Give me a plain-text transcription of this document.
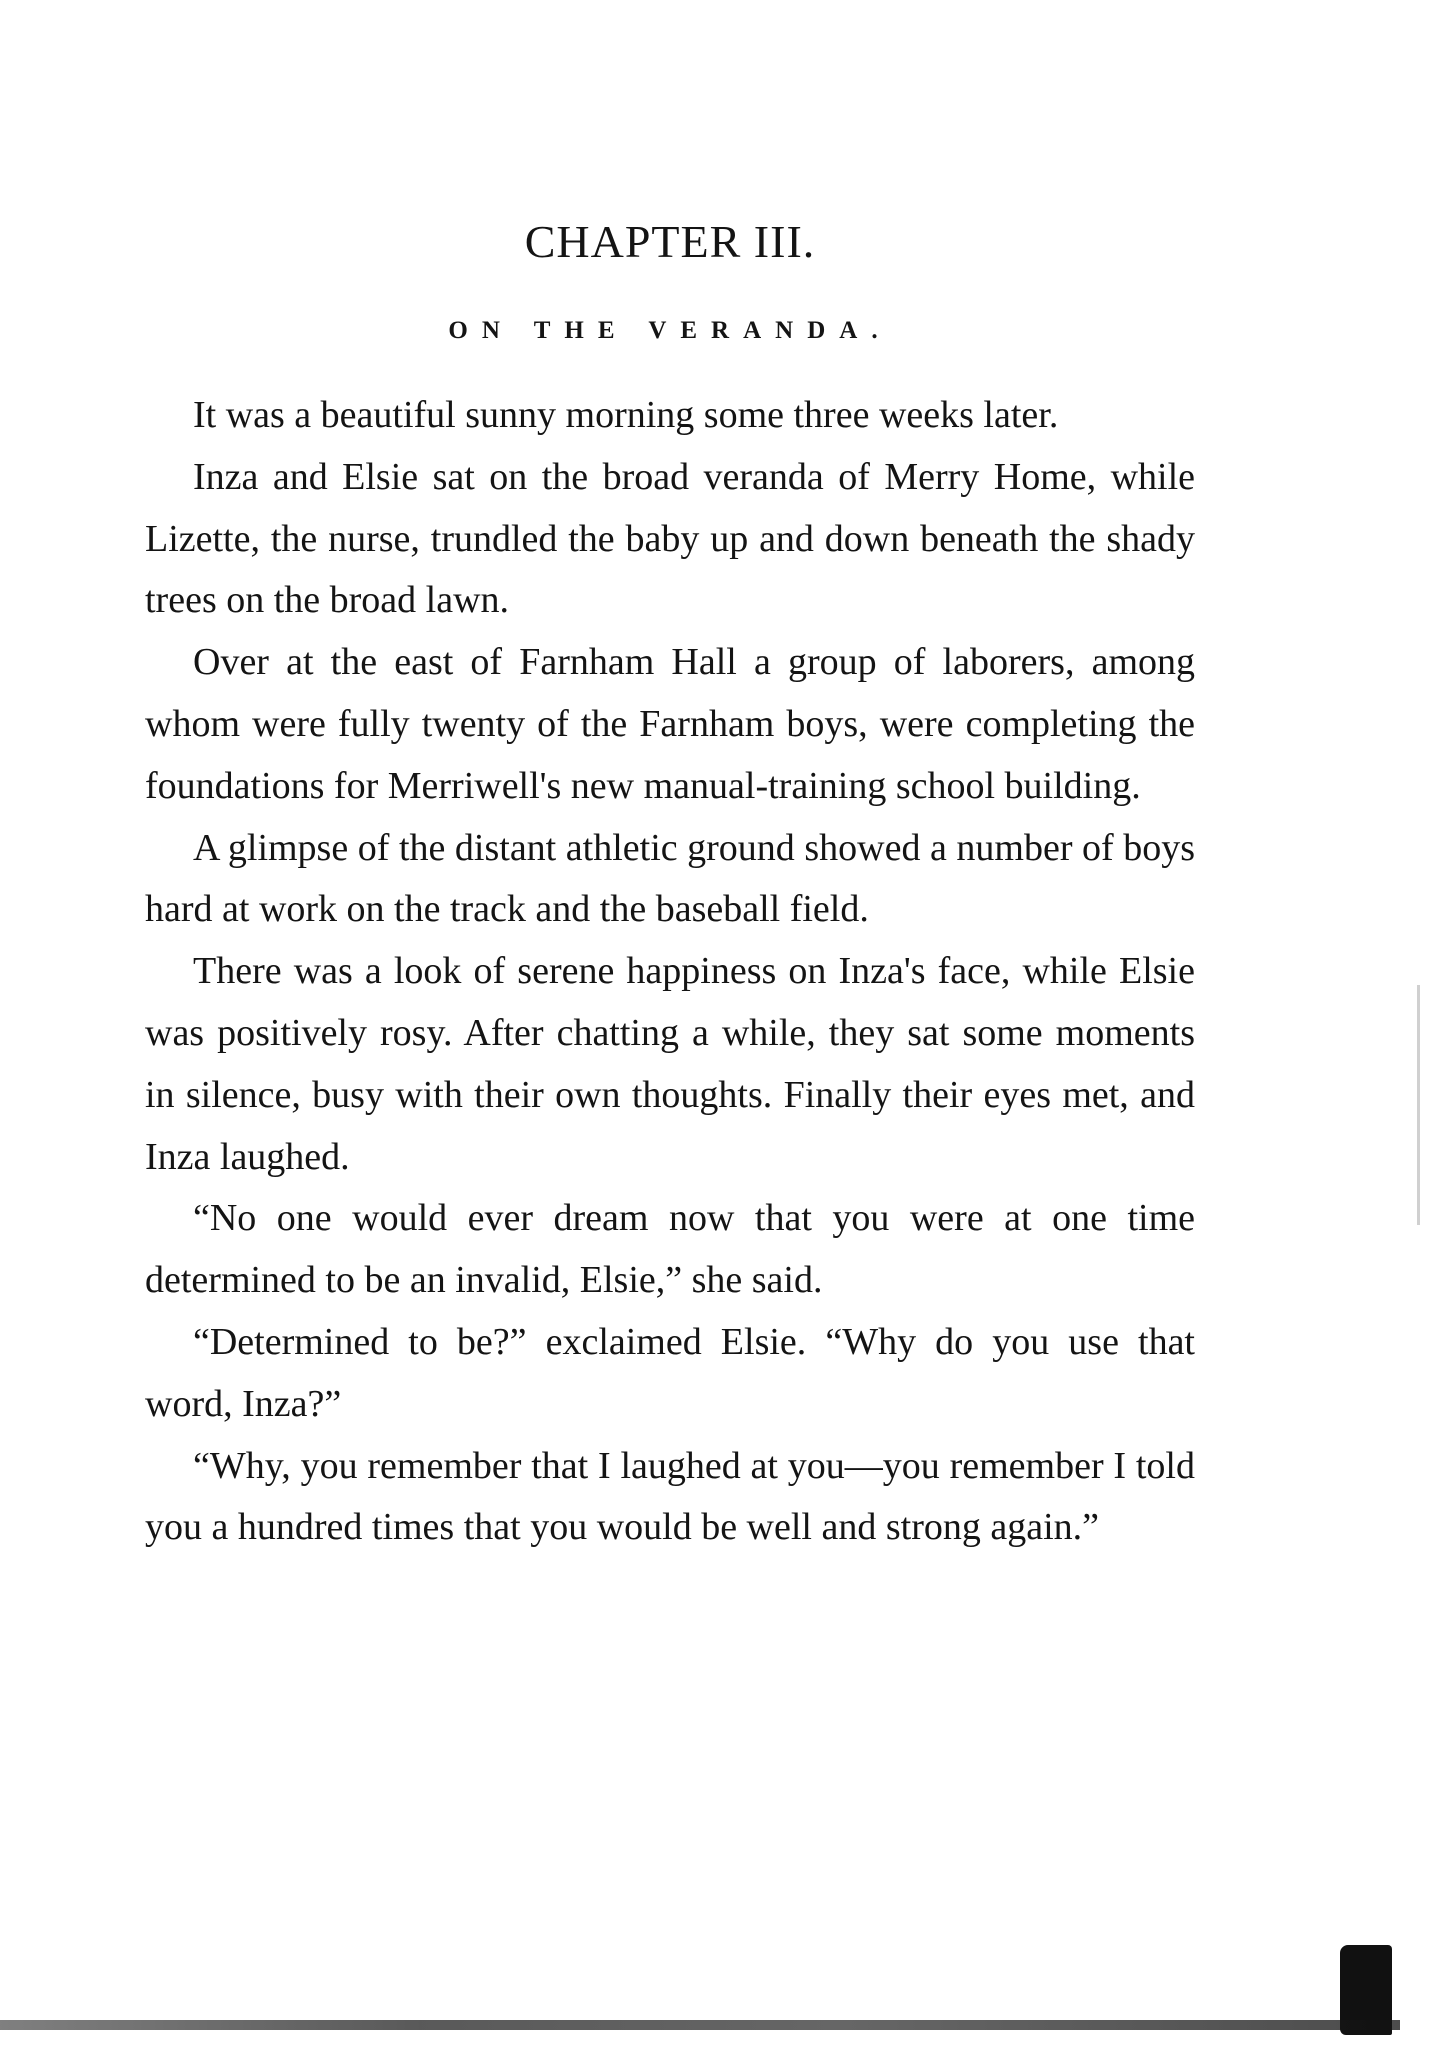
CHAPTER III.
ON THE VERANDA.

It was a beautiful sunny morning some three weeks later.

Inza and Elsie sat on the broad veranda of Merry Home, while Lizette, the nurse, trundled the baby up and down beneath the shady trees on the broad lawn.

Over at the east of Farnham Hall a group of laborers, among whom were fully twenty of the Farnham boys, were completing the foundations for Merriwell's new manual-training school building.

A glimpse of the distant athletic ground showed a number of boys hard at work on the track and the baseball field.

There was a look of serene happiness on Inza's face, while Elsie was positively rosy. After chatting a while, they sat some moments in silence, busy with their own thoughts. Finally their eyes met, and Inza laughed.

“No one would ever dream now that you were at one time determined to be an invalid, Elsie,” she said.

“Determined to be?” exclaimed Elsie. “Why do you use that word, Inza?”

“Why, you remember that I laughed at you—you remember I told you a hundred times that you would be well and strong again.”
